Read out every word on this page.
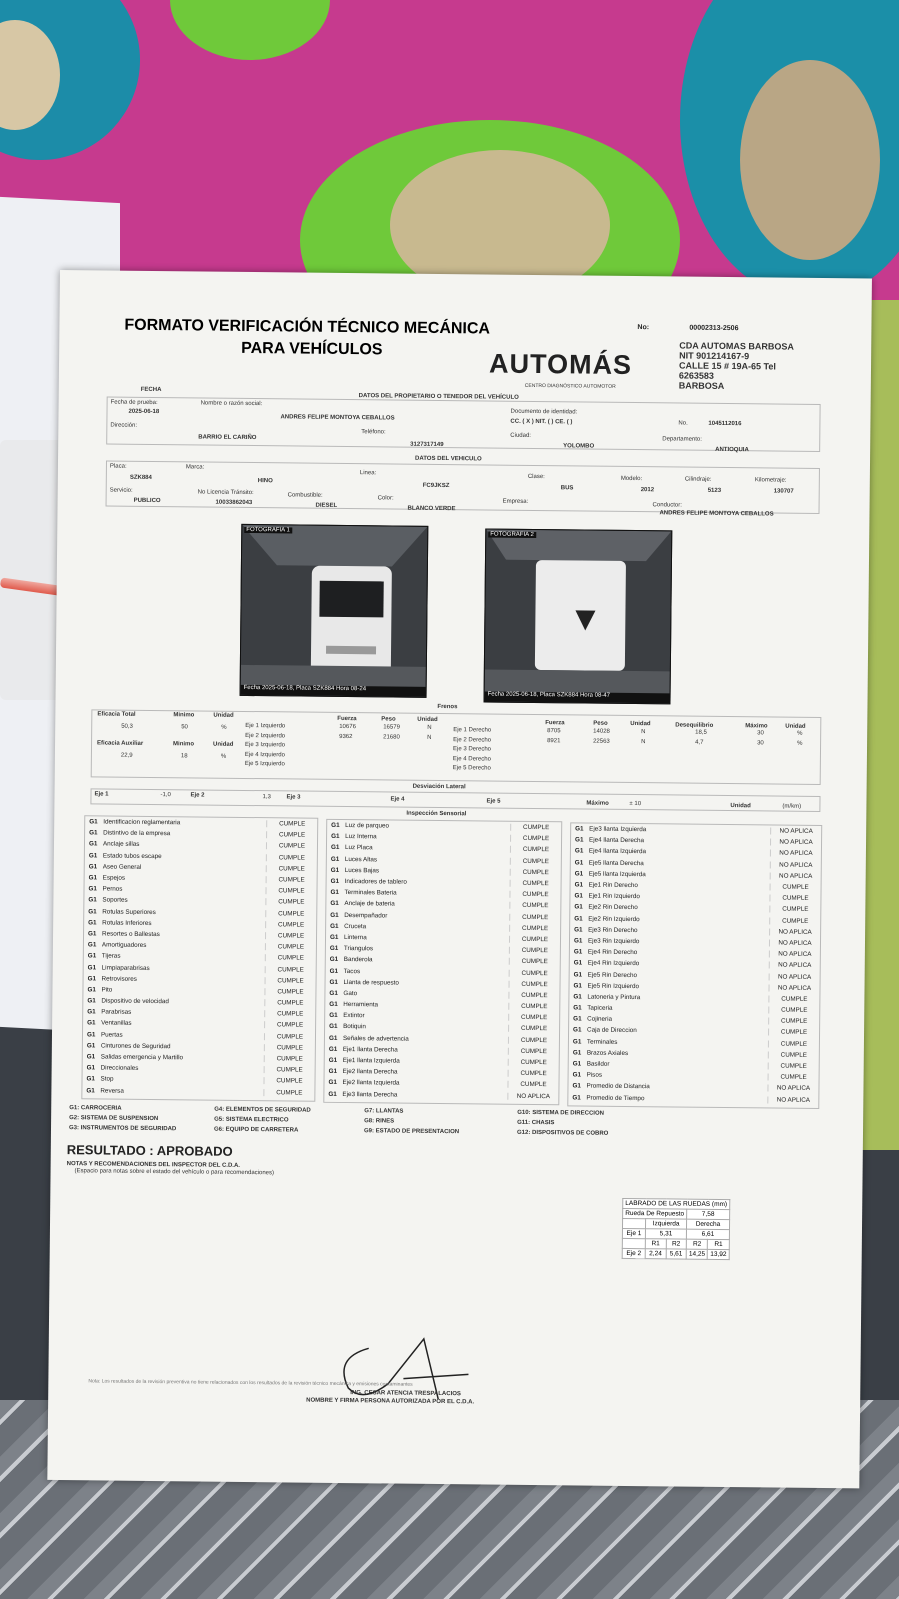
FORMATO VERIFICACIÓN TÉCNICO MECÁNICA
PARA VEHÍCULOS
No:	00002313-2506
AUTOMÁS
CENTRO DIAGNÓSTICO AUTOMOTOR
CDA AUTOMAS BARBOSA
NIT 901214167-9
CALLE 15 # 19A-65 Tel
6263583
BARBOSA
FECHA
DATOS DEL PROPIETARIO O TENEDOR DEL VEHÍCULO
Fecha de prueba:
2025-06-18
Nombre o razón social:
ANDRES FELIPE MONTOYA CEBALLOS
Documento de identidad:
CC. ( X ) NIT. ( ) CE. ( )	No.	1045112016
Dirección:
BARRIO EL CARIÑO
Teléfono:
3127317149
Ciudad:
YOLOMBO
Departamento:
ANTIOQUIA
DATOS DEL VEHICULO
Placa:
SZK884
Marca:
HINO
Linea:
FC9JKSZ
Clase:
BUS
Modelo:
2012
Cilindraje:
5123
Kilometraje:
130707
Servicio:
PUBLICO
No Licencia Tránsito:
10033862043
Combustible:
DIESEL
Color:
BLANCO VERDE
Empresa:
Conductor:
ANDRES FELIPE MONTOYA CEBALLOS
FOTOGRAFIA 1
Fecha 2025-06-18, Placa SZK884 Hora 08-24
FOTOGRAFIA 2
Fecha 2025-06-18, Placa SZK884 Hora 08-47
Frenos
Eficacia Total	Minimo	Unidad
50,3	50	%
Eficacia Auxiliar	Minimo	Unidad
22,9	18	%
Fuerza	Peso	Unidad
Fuerza	Peso	Unidad	Desequilibrio	Máximo	Unidad
Eje 1 Izquierdo	10676	16579	N
Eje 2 Izquierdo	9362	21680	N
Eje 3 Izquierdo
Eje 4 Izquierdo
Eje 5 Izquierdo
Eje 1 Derecho	8705	14028	N	18,5	30	%
Eje 2 Derecho	8921	22563	N	4,7	30	%
Eje 3 Derecho
Eje 4 Derecho
Eje 5 Derecho
Desviación Lateral
Eje 1	-1,0	Eje 2	1,3	Eje 3	Eje 4	Eje 5	Máximo	± 10	Unidad	(m/km)
Inspección Sensorial
G1 Identificacion reglamentaria	CUMPLE
G1 Distintivo de la empresa	CUMPLE
G1 Anclaje sillas	CUMPLE
G1 Estado tubos escape	CUMPLE
G1 Aseo General	CUMPLE
G1 Espejos	CUMPLE
G1 Pernos	CUMPLE
G1 Soportes	CUMPLE
G1 Rotulas Superiores	CUMPLE
G1 Rotulas Inferiores	CUMPLE
G1 Resortes o Ballestas	CUMPLE
G1 Amortiguadores	CUMPLE
G1 Tijeras	CUMPLE
G1 Limpiaparabrisas	CUMPLE
G1 Retrovisores	CUMPLE
G1 Pito	CUMPLE
G1 Dispositivo de velocidad	CUMPLE
G1 Parabrisas	CUMPLE
G1 Ventanillas	CUMPLE
G1 Puertas	CUMPLE
G1 Cinturones de Seguridad	CUMPLE
G1 Salidas emergencia y Martillo	CUMPLE
G1 Direccionales	CUMPLE
G1 Stop	CUMPLE
G1 Reversa	CUMPLE
G1 Luz de parqueo	CUMPLE
G1 Luz Interna	CUMPLE
G1 Luz Placa	CUMPLE
G1 Luces Altas	CUMPLE
G1 Luces Bajas	CUMPLE
G1 Indicadores de tablero	CUMPLE
G1 Terminales Bateria	CUMPLE
G1 Anclaje de bateria	CUMPLE
G1 Desempañador	CUMPLE
G1 Cruceta	CUMPLE
G1 Linterna	CUMPLE
G1 Triangulos	CUMPLE
G1 Banderola	CUMPLE
G1 Tacos	CUMPLE
G1 Llanta de respuesto	CUMPLE
G1 Gato	CUMPLE
G1 Herramienta	CUMPLE
G1 Extintor	CUMPLE
G1 Botiquin	CUMPLE
G1 Señales de advertencia	CUMPLE
G1 Eje1 llanta Derecha	CUMPLE
G1 Eje1 llanta Izquierda	CUMPLE
G1 Eje2 llanta Derecha	CUMPLE
G1 Eje2 llanta Izquierda	CUMPLE
G1 Eje3 llanta Derecha	NO APLICA
G1 Eje3 llanta Izquierda	NO APLICA
G1 Eje4 llanta Derecha	NO APLICA
G1 Eje4 llanta Izquierda	NO APLICA
G1 Eje5 llanta Derecha	NO APLICA
G1 Eje5 llanta Izquierda	NO APLICA
G1 Eje1 Rin Derecho	CUMPLE
G1 Eje1 Rin Izquierdo	CUMPLE
G1 Eje2 Rin Derecho	CUMPLE
G1 Eje2 Rin Izquierdo	CUMPLE
G1 Eje3 Rin Derecho	NO APLICA
G1 Eje3 Rin Izquierdo	NO APLICA
G1 Eje4 Rin Derecho	NO APLICA
G1 Eje4 Rin Izquierdo	NO APLICA
G1 Eje5 Rin Derecho	NO APLICA
G1 Eje5 Rin Izquierdo	NO APLICA
G1 Latoneria y Pintura	CUMPLE
G1 Tapiceria	CUMPLE
G1 Cojineria	CUMPLE
G1 Caja de Direccion	CUMPLE
G1 Terminales	CUMPLE
G1 Brazos Axiales	CUMPLE
G1 Basildor	CUMPLE
G1 Pisos	CUMPLE
G1 Promedio de Distancia	NO APLICA
G1 Promedio de Tiempo	NO APLICA
G1: CARROCERIA	G4: ELEMENTOS DE SEGURIDAD	G7: LLANTAS	G10: SISTEMA DE DIRECCION
G2: SISTEMA DE SUSPENSION	G5: SISTEMA ELECTRICO	G8: RINES	G11: CHASIS
G3: INSTRUMENTOS DE SEGURIDAD	G6: EQUIPO DE CARRETERA	G9: ESTADO DE PRESENTACION	G12: DISPOSITIVOS DE COBRO
RESULTADO : APROBADO
NOTAS Y RECOMENDACIONES DEL INSPECTOR DEL C.D.A.
(Espacio para notas sobre el estado del vehículo o para recomendaciones)
LABRADO DE LAS RUEDAS (mm)				
Rueda De Repuesto			7,58	
	Izquierda		Derecha	
Eje 1	5,31		6,61	
	R1	R2	R2	R1
Eje 2	2,24	5,61	14,25	13,92
ING. CESAR ATENCIA TRESPALACIOS
NOMBRE Y FIRMA PERSONA AUTORIZADA POR EL C.D.A.
Nota: Los resultados de la revisión preventiva no tiene relacionados con los resultados de la revisión técnico mecánica y emisiones contaminantes
